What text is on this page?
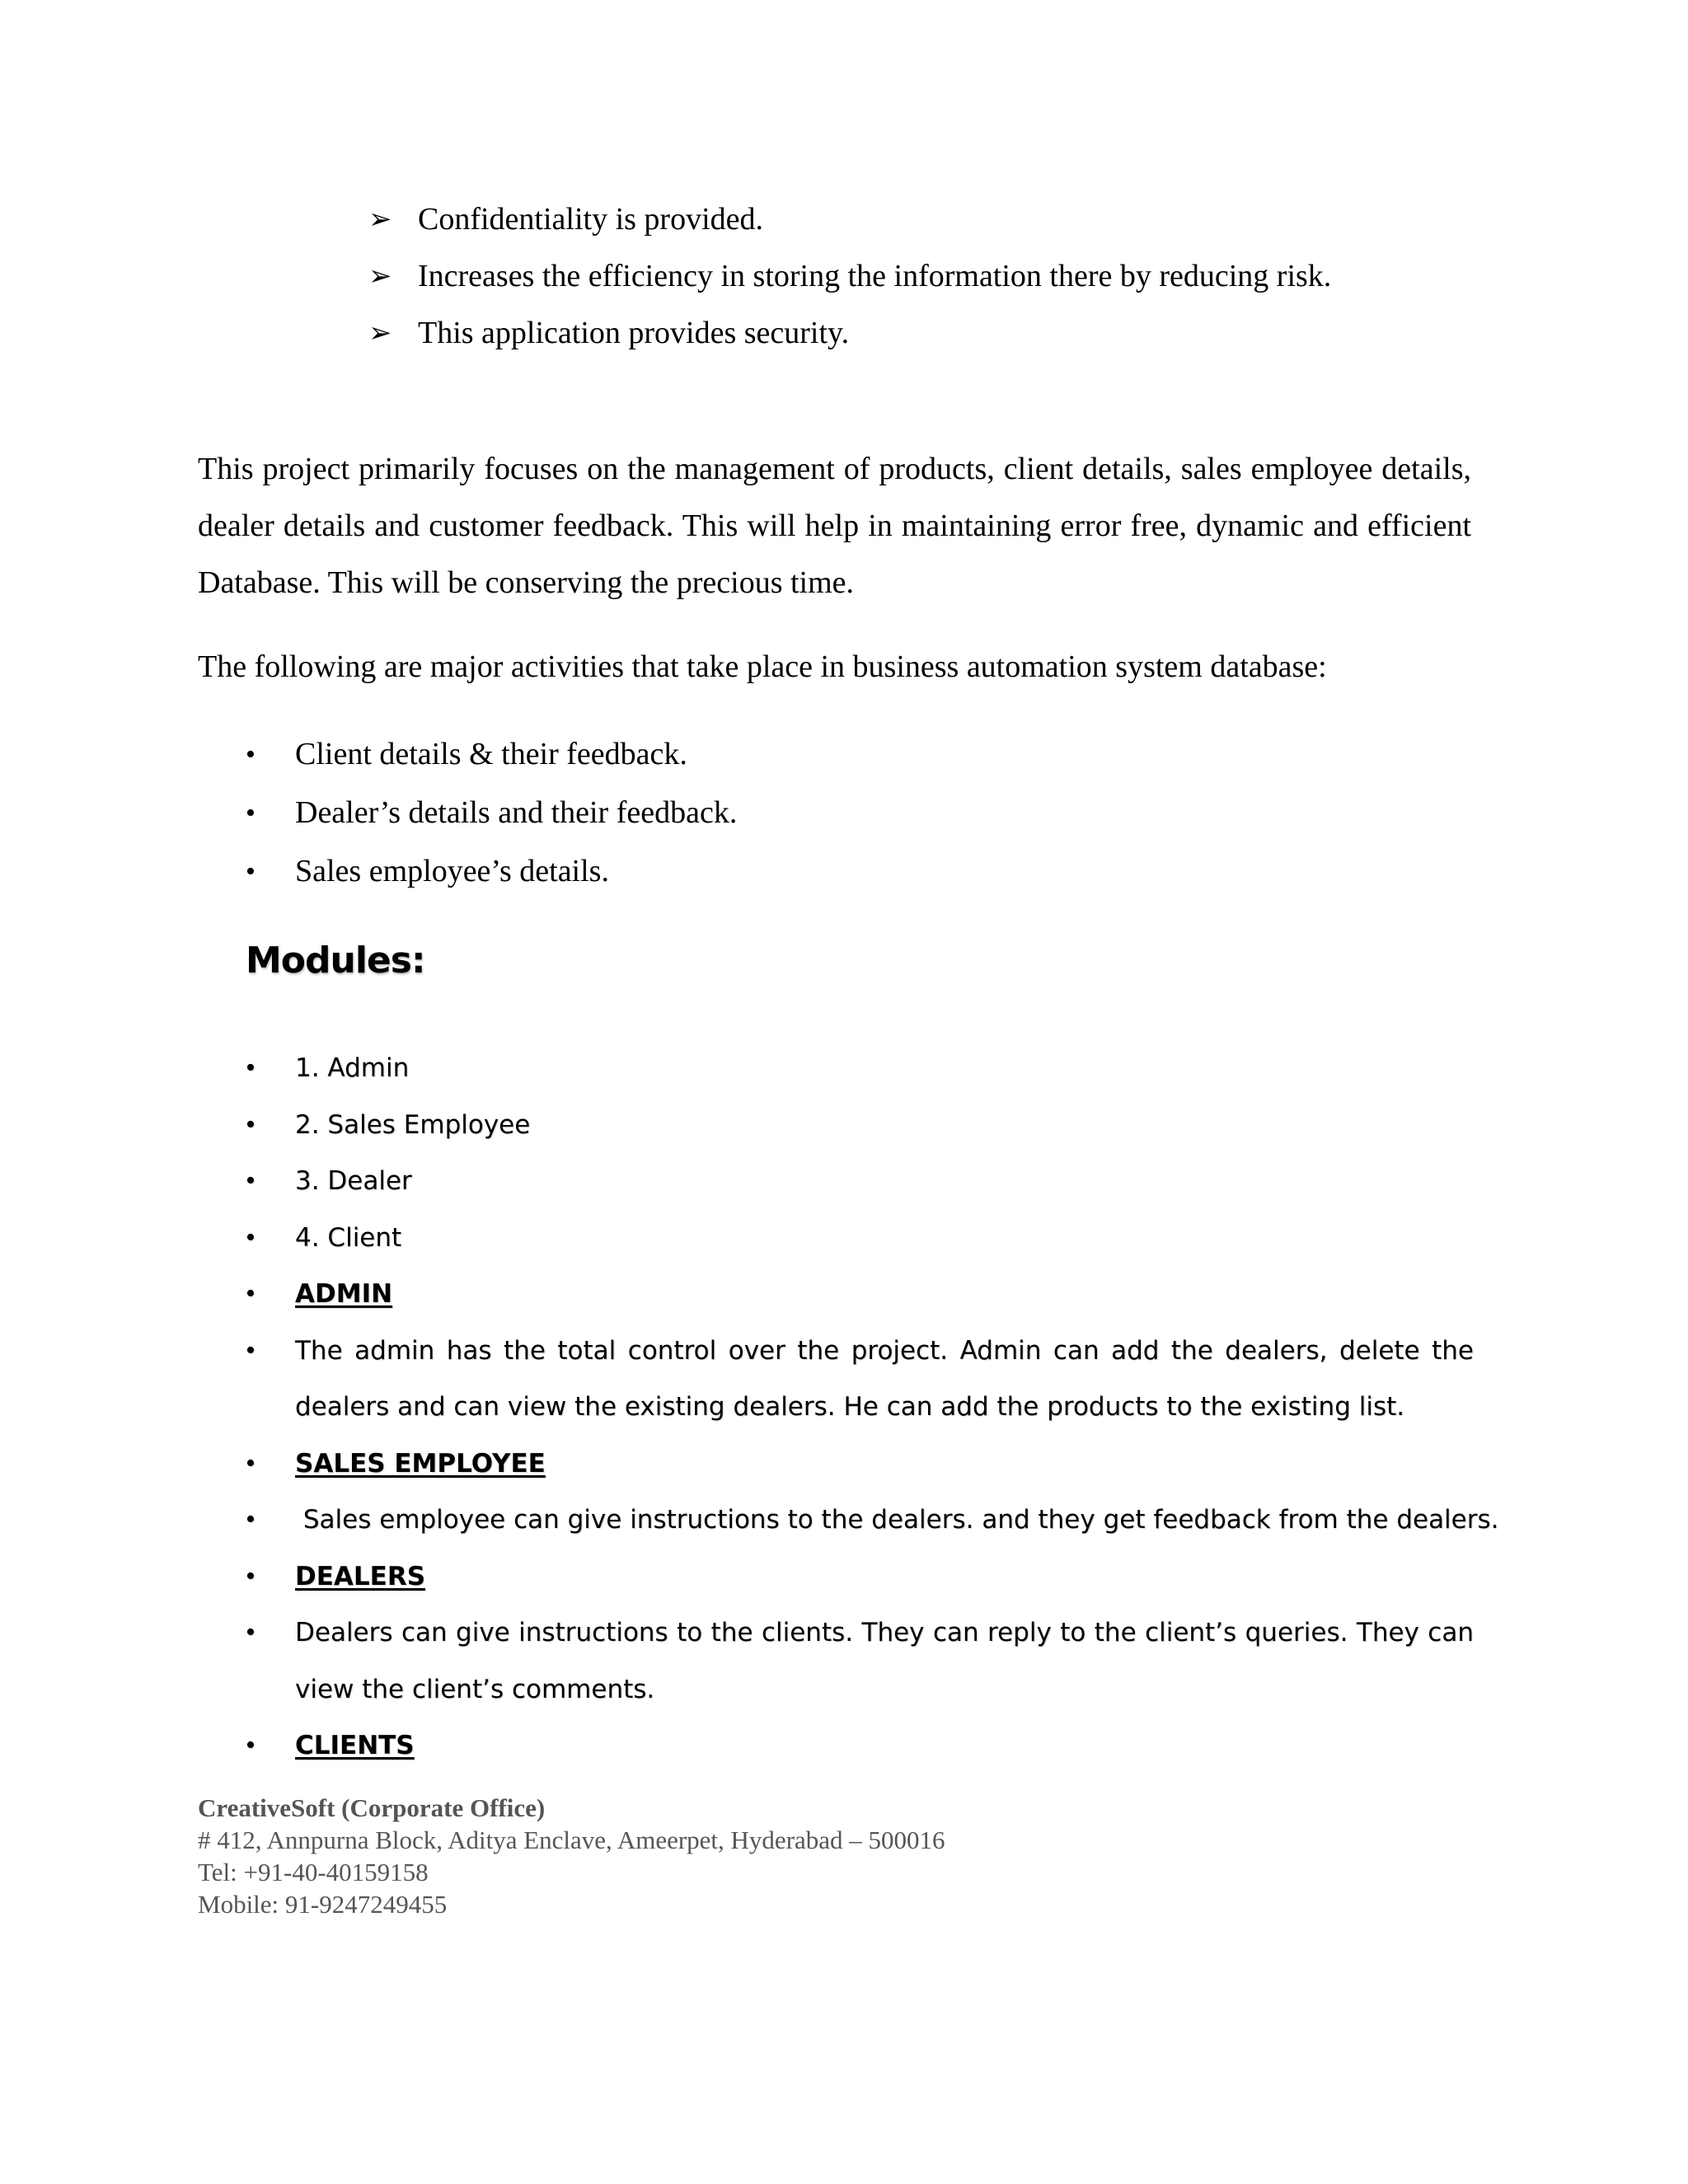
➢ Confidentiality is provided.
➢ Increases the efficiency in storing the information there by reducing risk.
➢ This application provides security.

This project primarily focuses on the management of products, client details, sales employee details, dealer details and customer feedback. This will help in maintaining error free, dynamic and efficient Database. This will be conserving the precious time.

The following are major activities that take place in business automation system database:

• Client details & their feedback.
• Dealer’s details and their feedback.
• Sales employee’s details.
Modules:
• 1. Admin
• 2. Sales Employee
• 3. Dealer
• 4. Client
• ADMIN
• The admin has the total control over the project. Admin can add the dealers, delete the dealers and can view the existing dealers. He can add the products to the existing list.
• SALES EMPLOYEE
• Sales employee can give instructions to the dealers. and they get feedback from the dealers.
• DEALERS
• Dealers can give instructions to the clients. They can reply to the client’s queries. They can view the client’s comments.
• CLIENTS
CreativeSoft (Corporate Office)
# 412, Annpurna Block, Aditya Enclave, Ameerpet, Hyderabad – 500016
Tel: +91-40-40159158
Mobile: 91-9247249455
